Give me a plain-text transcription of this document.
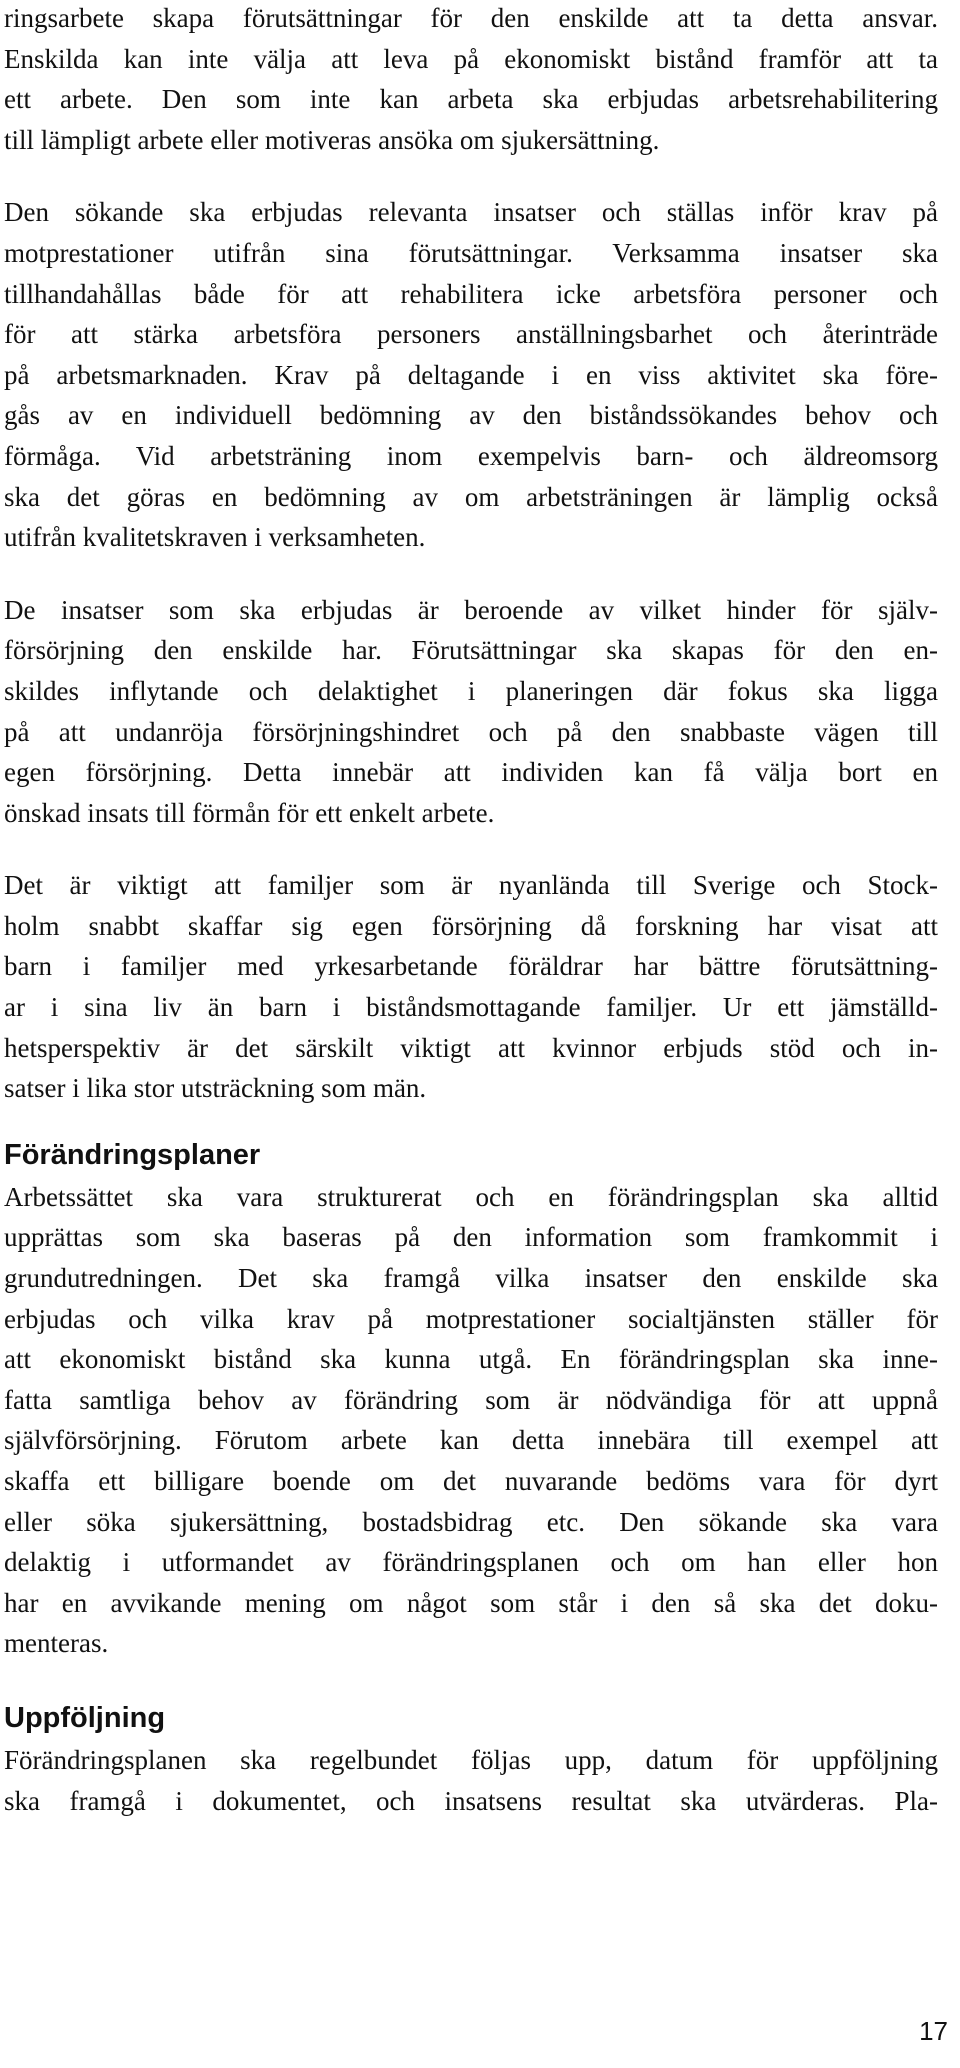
ringsarbete skapa förutsättningar för den enskilde att ta detta ansvar.
Enskilda kan inte välja att leva på ekonomiskt bistånd framför att ta
ett arbete. Den som inte kan arbeta ska erbjudas arbetsrehabilitering
till lämpligt arbete eller motiveras ansöka om sjukersättning.
Den sökande ska erbjudas relevanta insatser och ställas inför krav på
motprestationer utifrån sina förutsättningar. Verksamma insatser ska
tillhandahållas både för att rehabilitera icke arbetsföra personer och
för att stärka arbetsföra personers anställningsbarhet och återinträde
på arbetsmarknaden. Krav på deltagande i en viss aktivitet ska före-
gås av en individuell bedömning av den biståndssökandes behov och
förmåga. Vid arbetsträning inom exempelvis barn- och äldreomsorg
ska det göras en bedömning av om arbetsträningen är lämplig också
utifrån kvalitetskraven i verksamheten.
De insatser som ska erbjudas är beroende av vilket hinder för själv-
försörjning den enskilde har. Förutsättningar ska skapas för den en-
skildes inflytande och delaktighet i planeringen där fokus ska ligga
på att undanröja försörjningshindret och på den snabbaste vägen till
egen försörjning. Detta innebär att individen kan få välja bort en
önskad insats till förmån för ett enkelt arbete.
Det är viktigt att familjer som är nyanlända till Sverige och Stock-
holm snabbt skaffar sig egen försörjning då forskning har visat att
barn i familjer med yrkesarbetande föräldrar har bättre förutsättning-
ar i sina liv än barn i biståndsmottagande familjer. Ur ett jämställd-
hetsperspektiv är det särskilt viktigt att kvinnor erbjuds stöd och in-
satser i lika stor utsträckning som män.
Förändringsplaner
Arbetssättet ska vara strukturerat och en förändringsplan ska alltid
upprättas som ska baseras på den information som framkommit i
grundutredningen. Det ska framgå vilka insatser den enskilde ska
erbjudas och vilka krav på motprestationer socialtjänsten ställer för
att ekonomiskt bistånd ska kunna utgå. En förändringsplan ska inne-
fatta samtliga behov av förändring som är nödvändiga för att uppnå
självförsörjning. Förutom arbete kan detta innebära till exempel att
skaffa ett billigare boende om det nuvarande bedöms vara för dyrt
eller söka sjukersättning, bostadsbidrag etc. Den sökande ska vara
delaktig i utformandet av förändringsplanen och om han eller hon
har en avvikande mening om något som står i den så ska det doku-
menteras.
Uppföljning
Förändringsplanen ska regelbundet följas upp, datum för uppföljning
ska framgå i dokumentet, och insatsens resultat ska utvärderas. Pla-
17
